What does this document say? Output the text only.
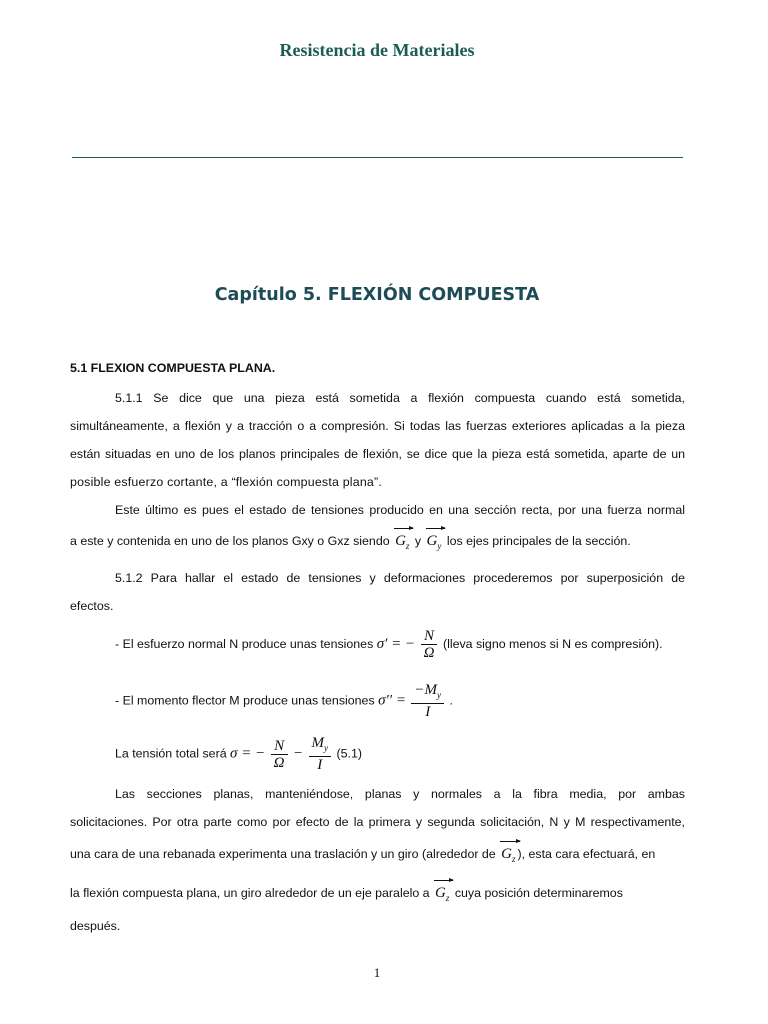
Resistencia de Materiales
Capítulo 5. FLEXIÓN COMPUESTA
5.1 FLEXION COMPUESTA PLANA.
5.1.1 Se dice que una pieza está sometida a flexión compuesta cuando está sometida,
simultáneamente, a flexión y a tracción o a compresión. Si todas las fuerzas exteriores aplicadas a la pieza
están situadas en uno de los planos principales de flexión, se dice que la pieza está sometida, aparte de un
posible esfuerzo cortante, a “flexión compuesta plana”.
Este último es pues el estado de tensiones producido en una sección recta, por una fuerza normal
a este y contenida en uno de los planos Gxy o Gxz siendo $G_z$ y $G_y$ los ejes principales de la sección.
5.1.2 Para hallar el estado de tensiones y deformaciones procederemos por superposición de
efectos.
- El esfuerzo normal N produce unas tensiones σ′ = − $\frac{N}{\Omega}$ (lleva signo menos si N es compresión).
- El momento flector M produce unas tensiones $\sigma'' = \frac{-M_y}{I}$ .
La tensión total será σ = − $\frac{N}{\Omega} - \frac{M_y}{I} (5.1)$
Las secciones planas, manteniéndose, planas y normales a la fibra media, por ambas
solicitaciones. Por otra parte como por efecto de la primera y segunda solicitación, N y M respectivamente,
una cara de una rebanada experimenta una traslación y un giro (alrededor de $G_z$ ), esta cara efectuará, en
la flexión compuesta plana, un giro alrededor de un eje paralelo a $G_z$ cuya posición determinaremos
después.
1
